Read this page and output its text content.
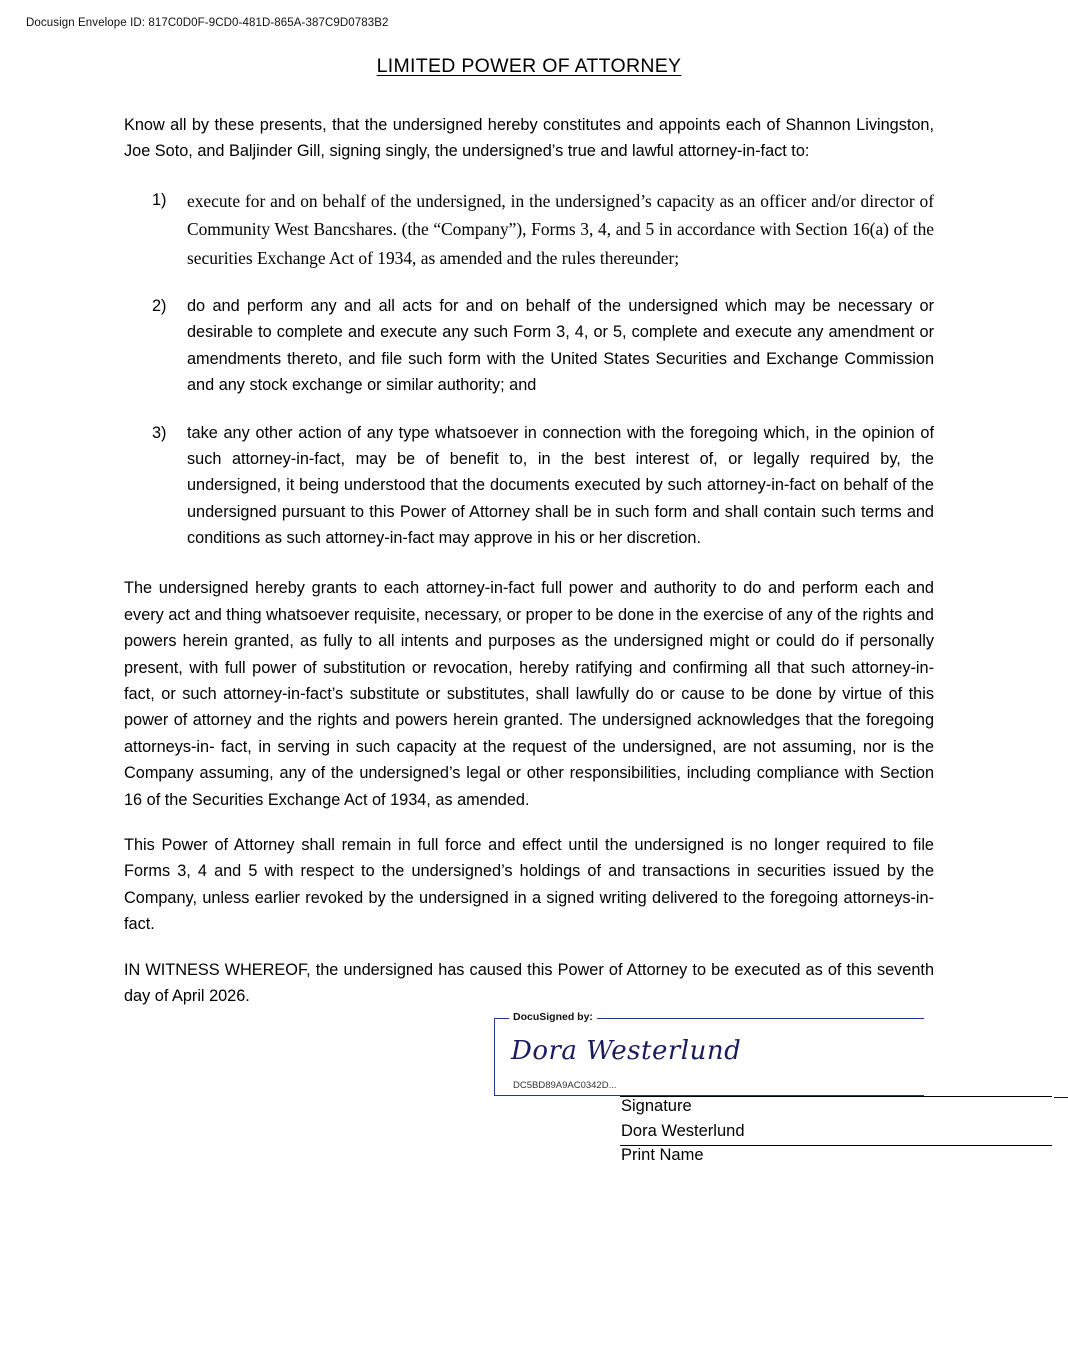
Docusign Envelope ID: 817C0D0F-9CD0-481D-865A-387C9D0783B2
LIMITED POWER OF ATTORNEY

Know all by these presents, that the undersigned hereby constitutes and appoints each of Shannon Livingston, Joe Soto, and Baljinder Gill, signing singly, the undersigned’s true and lawful attorney-in-fact to:

1) execute for and on behalf of the undersigned, in the undersigned’s capacity as an officer and/or director of Community West Bancshares. (the “Company”), Forms 3, 4, and 5 in accordance with Section 16(a) of the securities Exchange Act of 1934, as amended and the rules thereunder;
2) do and perform any and all acts for and on behalf of the undersigned which may be necessary or desirable to complete and execute any such Form 3, 4, or 5, complete and execute any amendment or amendments thereto, and file such form with the United States Securities and Exchange Commission and any stock exchange or similar authority; and
3) take any other action of any type whatsoever in connection with the foregoing which, in the opinion of such attorney-in-fact, may be of benefit to, in the best interest of, or legally required by, the undersigned, it being understood that the documents executed by such attorney-in-fact on behalf of the undersigned pursuant to this Power of Attorney shall be in such form and shall contain such terms and conditions as such attorney-in-fact may approve in his or her discretion.

The undersigned hereby grants to each attorney-in-fact full power and authority to do and perform each and every act and thing whatsoever requisite, necessary, or proper to be done in the exercise of any of the rights and powers herein granted, as fully to all intents and purposes as the undersigned might or could do if personally present, with full power of substitution or revocation, hereby ratifying and confirming all that such attorney-in-fact, or such attorney-in-fact’s substitute or substitutes, shall lawfully do or cause to be done by virtue of this power of attorney and the rights and powers herein granted. The undersigned acknowledges that the foregoing attorneys-in- fact, in serving in such capacity at the request of the undersigned, are not assuming, nor is the Company assuming, any of the undersigned’s legal or other responsibilities, including compliance with Section 16 of the Securities Exchange Act of 1934, as amended.

This Power of Attorney shall remain in full force and effect until the undersigned is no longer required to file Forms 3, 4 and 5 with respect to the undersigned’s holdings of and transactions in securities issued by the Company, unless earlier revoked by the undersigned in a signed writing delivered to the foregoing attorneys-in-fact.

IN WITNESS WHEREOF, the undersigned has caused this Power of Attorney to be executed as of this seventh day of April 2026.

DocuSigned by:
Dora Westerlund
DC5BD89A9AC0342D...
—
Signature
Dora Westerlund
Print Name
